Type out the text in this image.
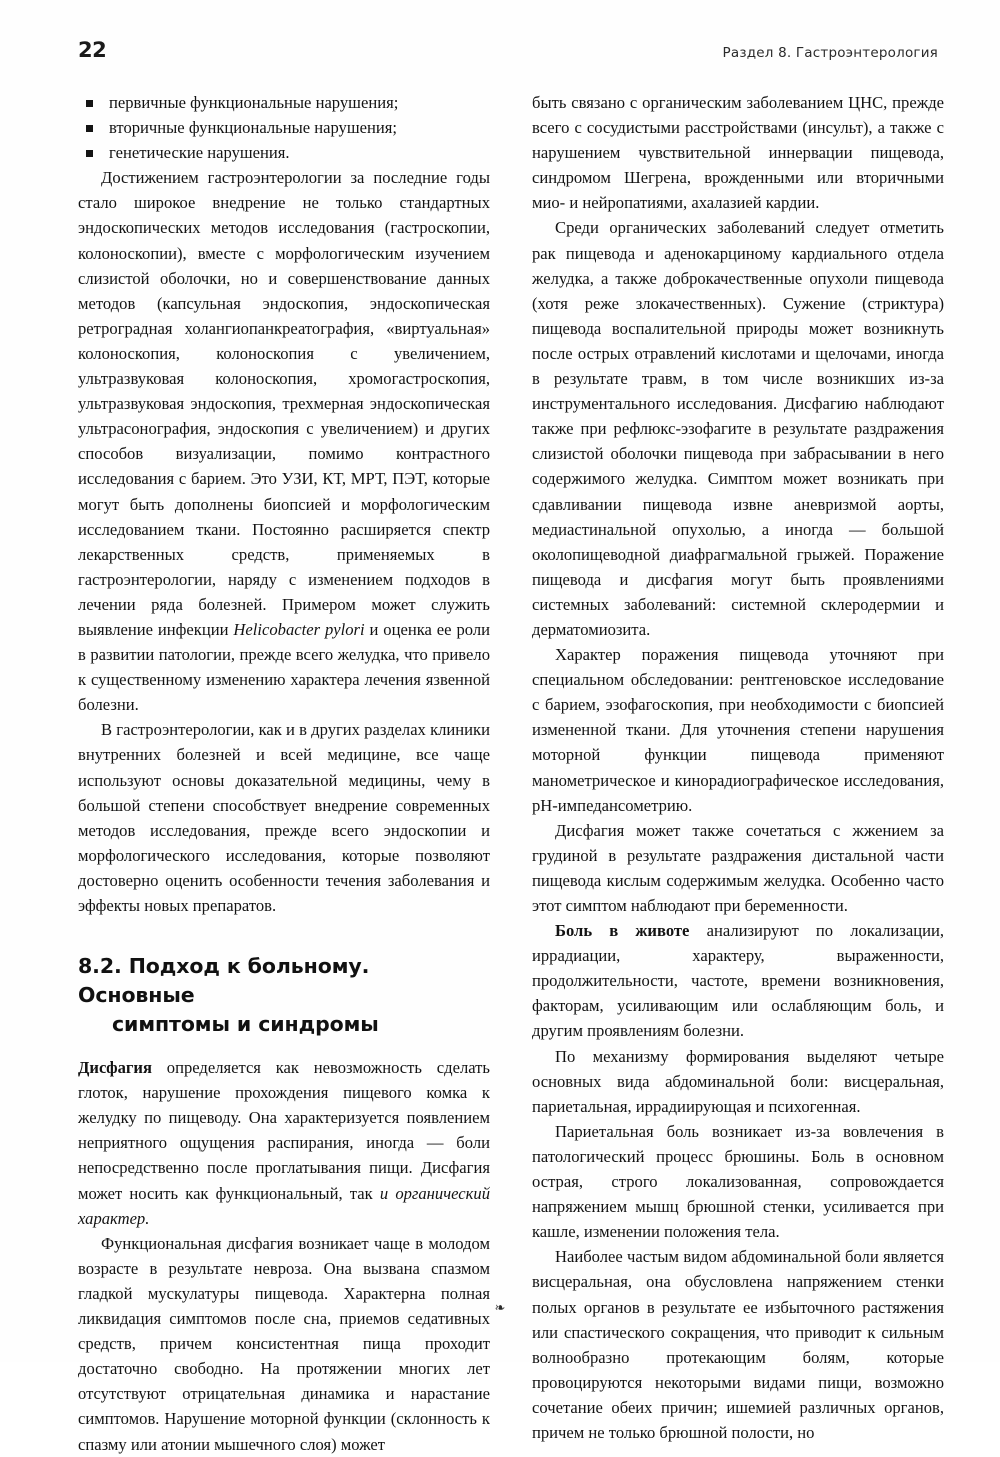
22	Раздел 8. Гастроэнтерология
первичные функциональные нарушения;
вторичные функциональные нарушения;
генетические нарушения.

Достижением гастроэнтерологии за последние годы стало широкое внедрение не только стандартных эндоскопических методов исследования (гастроскопии, колоноскопии), вместе с морфологическим изучением слизистой оболочки, но и совершенствование данных методов (капсульная эндоскопия, эндоскопическая ретроградная холангиопанкреатография, «виртуальная» колоноскопия, колоноскопия с увеличением, ультразвуковая колоноскопия, хромогастроскопия, ультразвуковая эндоскопия, трехмерная эндоскопическая ультрасонография, эндоскопия с увеличением) и других способов визуализации, помимо контрастного исследования с барием. Это УЗИ, КТ, МРТ, ПЭТ, которые могут быть дополнены биопсией и морфологическим исследованием ткани. Постоянно расширяется спектр лекарственных средств, применяемых в гастроэнтерологии, наряду с изменением подходов в лечении ряда болезней. Примером может служить выявление инфекции Helicobacter pylori и оценка ее роли в развитии патологии, прежде всего желудка, что привело к существенному изменению характера лечения язвенной болезни.

В гастроэнтерологии, как и в других разделах клиники внутренних болезней и всей медицине, все чаще используют основы доказательной медицины, чему в большой степени способствует внедрение современных методов исследования, прежде всего эндоскопии и морфологического исследования, которые позволяют достоверно оценить особенности течения заболевания и эффекты новых препаратов.

8.2. Подход к больному. Основные
симптомы и синдромы

Дисфагия определяется как невозможность сделать глоток, нарушение прохождения пищевого комка к желудку по пищеводу. Она характеризуется появлением неприятного ощущения распирания, иногда — боли непосредственно после проглатывания пищи. Дисфагия может носить как функциональный, так и органический характер.

Функциональная дисфагия возникает чаще в молодом возрасте в результате невроза. Она вызвана спазмом гладкой мускулатуры пищевода. Характерна полная ликвидация симптомов после сна, приемов седативных средств, причем консистентная пища проходит достаточно свободно. На протяжении многих лет отсутствуют отрицательная динамика и нарастание симптомов. Нарушение моторной функции (склонность к спазму или атонии мышечного слоя) может

быть связано с органическим заболеванием ЦНС, прежде всего с сосудистыми расстройствами (инсульт), а также с нарушением чувствительной иннервации пищевода, синдромом Шегрена, врожденными или вторичными мио- и нейропатиями, ахалазией кардии.

Среди органических заболеваний следует отметить рак пищевода и аденокарциному кардиального отдела желудка, а также доброкачественные опухоли пищевода (хотя реже злокачественных). Сужение (стриктура) пищевода воспалительной природы может возникнуть после острых отравлений кислотами и щелочами, иногда в результате травм, в том числе возникших из-за инструментального исследования. Дисфагию наблюдают также при рефлюкс-эзофагите в результате раздражения слизистой оболочки пищевода при забрасывании в него содержимого желудка. Симптом может возникать при сдавливании пищевода извне аневризмой аорты, медиастинальной опухолью, а иногда — большой околопищеводной диафрагмальной грыжей. Поражение пищевода и дисфагия могут быть проявлениями системных заболеваний: системной склеродермии и дерматомиозита.

Характер поражения пищевода уточняют при специальном обследовании: рентгеновское исследование с барием, эзофагоскопия, при необходимости с биопсией измененной ткани. Для уточнения степени нарушения моторной функции пищевода применяют манометрическое и кинорадиографическое исследования, pH-импедансометрию.

Дисфагия может также сочетаться с жжением за грудиной в результате раздражения дистальной части пищевода кислым содержимым желудка. Особенно часто этот симптом наблюдают при беременности.

Боль в животе анализируют по локализации, иррадиации, характеру, выраженности, продолжительности, частоте, времени возникновения, факторам, усиливающим или ослабляющим боль, и другим проявлениям болезни.

По механизму формирования выделяют четыре основных вида абдоминальной боли: висцеральная, париетальная, иррадиирующая и психогенная.

Париетальная боль возникает из-за вовлечения в патологический процесс брюшины. Боль в основном острая, строго локализованная, сопровождается напряжением мышц брюшной стенки, усиливается при кашле, изменении положения тела.

Наиболее частым видом абдоминальной боли является висцеральная, она обусловлена напряжением стенки полых органов в результате ее избыточного растяжения или спастического сокращения, что приводит к сильным волнообразно протекающим болям, которые провоцируются некоторыми видами пищи, возможно сочетание обеих причин; ишемией различных органов, причем не только брюшной полости, но

❧
